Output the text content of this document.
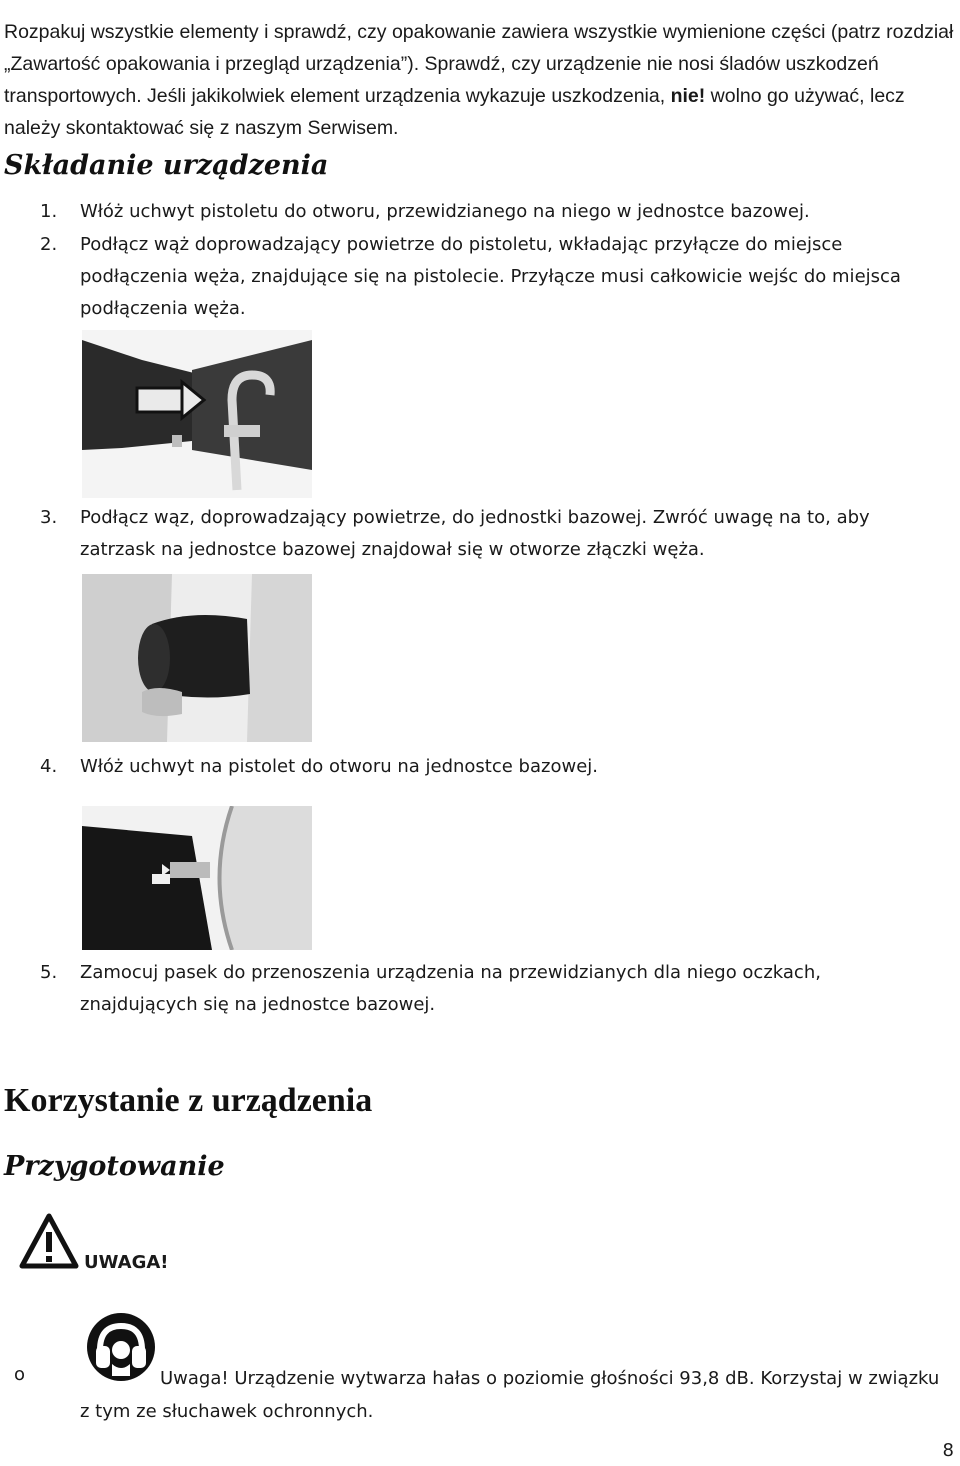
Rozpakuj wszystkie elementy i sprawdź, czy opakowanie zawiera wszystkie wymienione części (patrz rozdział „Zawartość opakowania i przegląd urządzenia”). Sprawdź, czy urządzenie nie nosi śladów uszkodzeń transportowych. Jeśli jakikolwiek element urządzenia wykazuje uszkodzenia, nie! wolno go używać, lecz należy skontaktować się z naszym Serwisem.

Składanie urządzenia
1.	Włóż uchwyt pistoletu do otworu, przewidzianego na niego w jednostce bazowej.
2.	Podłącz wąż doprowadzający powietrze do pistoletu, wkładając przyłącze do miejsce podłączenia węża, znajdujące się na pistolecie. Przyłącze musi całkowicie wejśc do miejsca podłączenia węża.
3.	Podłącz wąz, doprowadzający powietrze, do jednostki bazowej. Zwróć uwagę na to, aby zatrzask na jednostce bazowej znajdował się w otworze złączki węża.
4.	Włóż uchwyt na pistolet do otworu na jednostce bazowej.
5.	Zamocuj pasek do przenoszenia urządzenia na przewidzianych dla niego oczkach, znajdujących się na jednostce bazowej.
Korzystanie z urządzenia
Przygotowanie
UWAGA!
o	Uwaga! Urządzenie wytwarza hałas o poziomie głośności 93,8 dB. Korzystaj w związku z tym ze słuchawek ochronnych.

8
